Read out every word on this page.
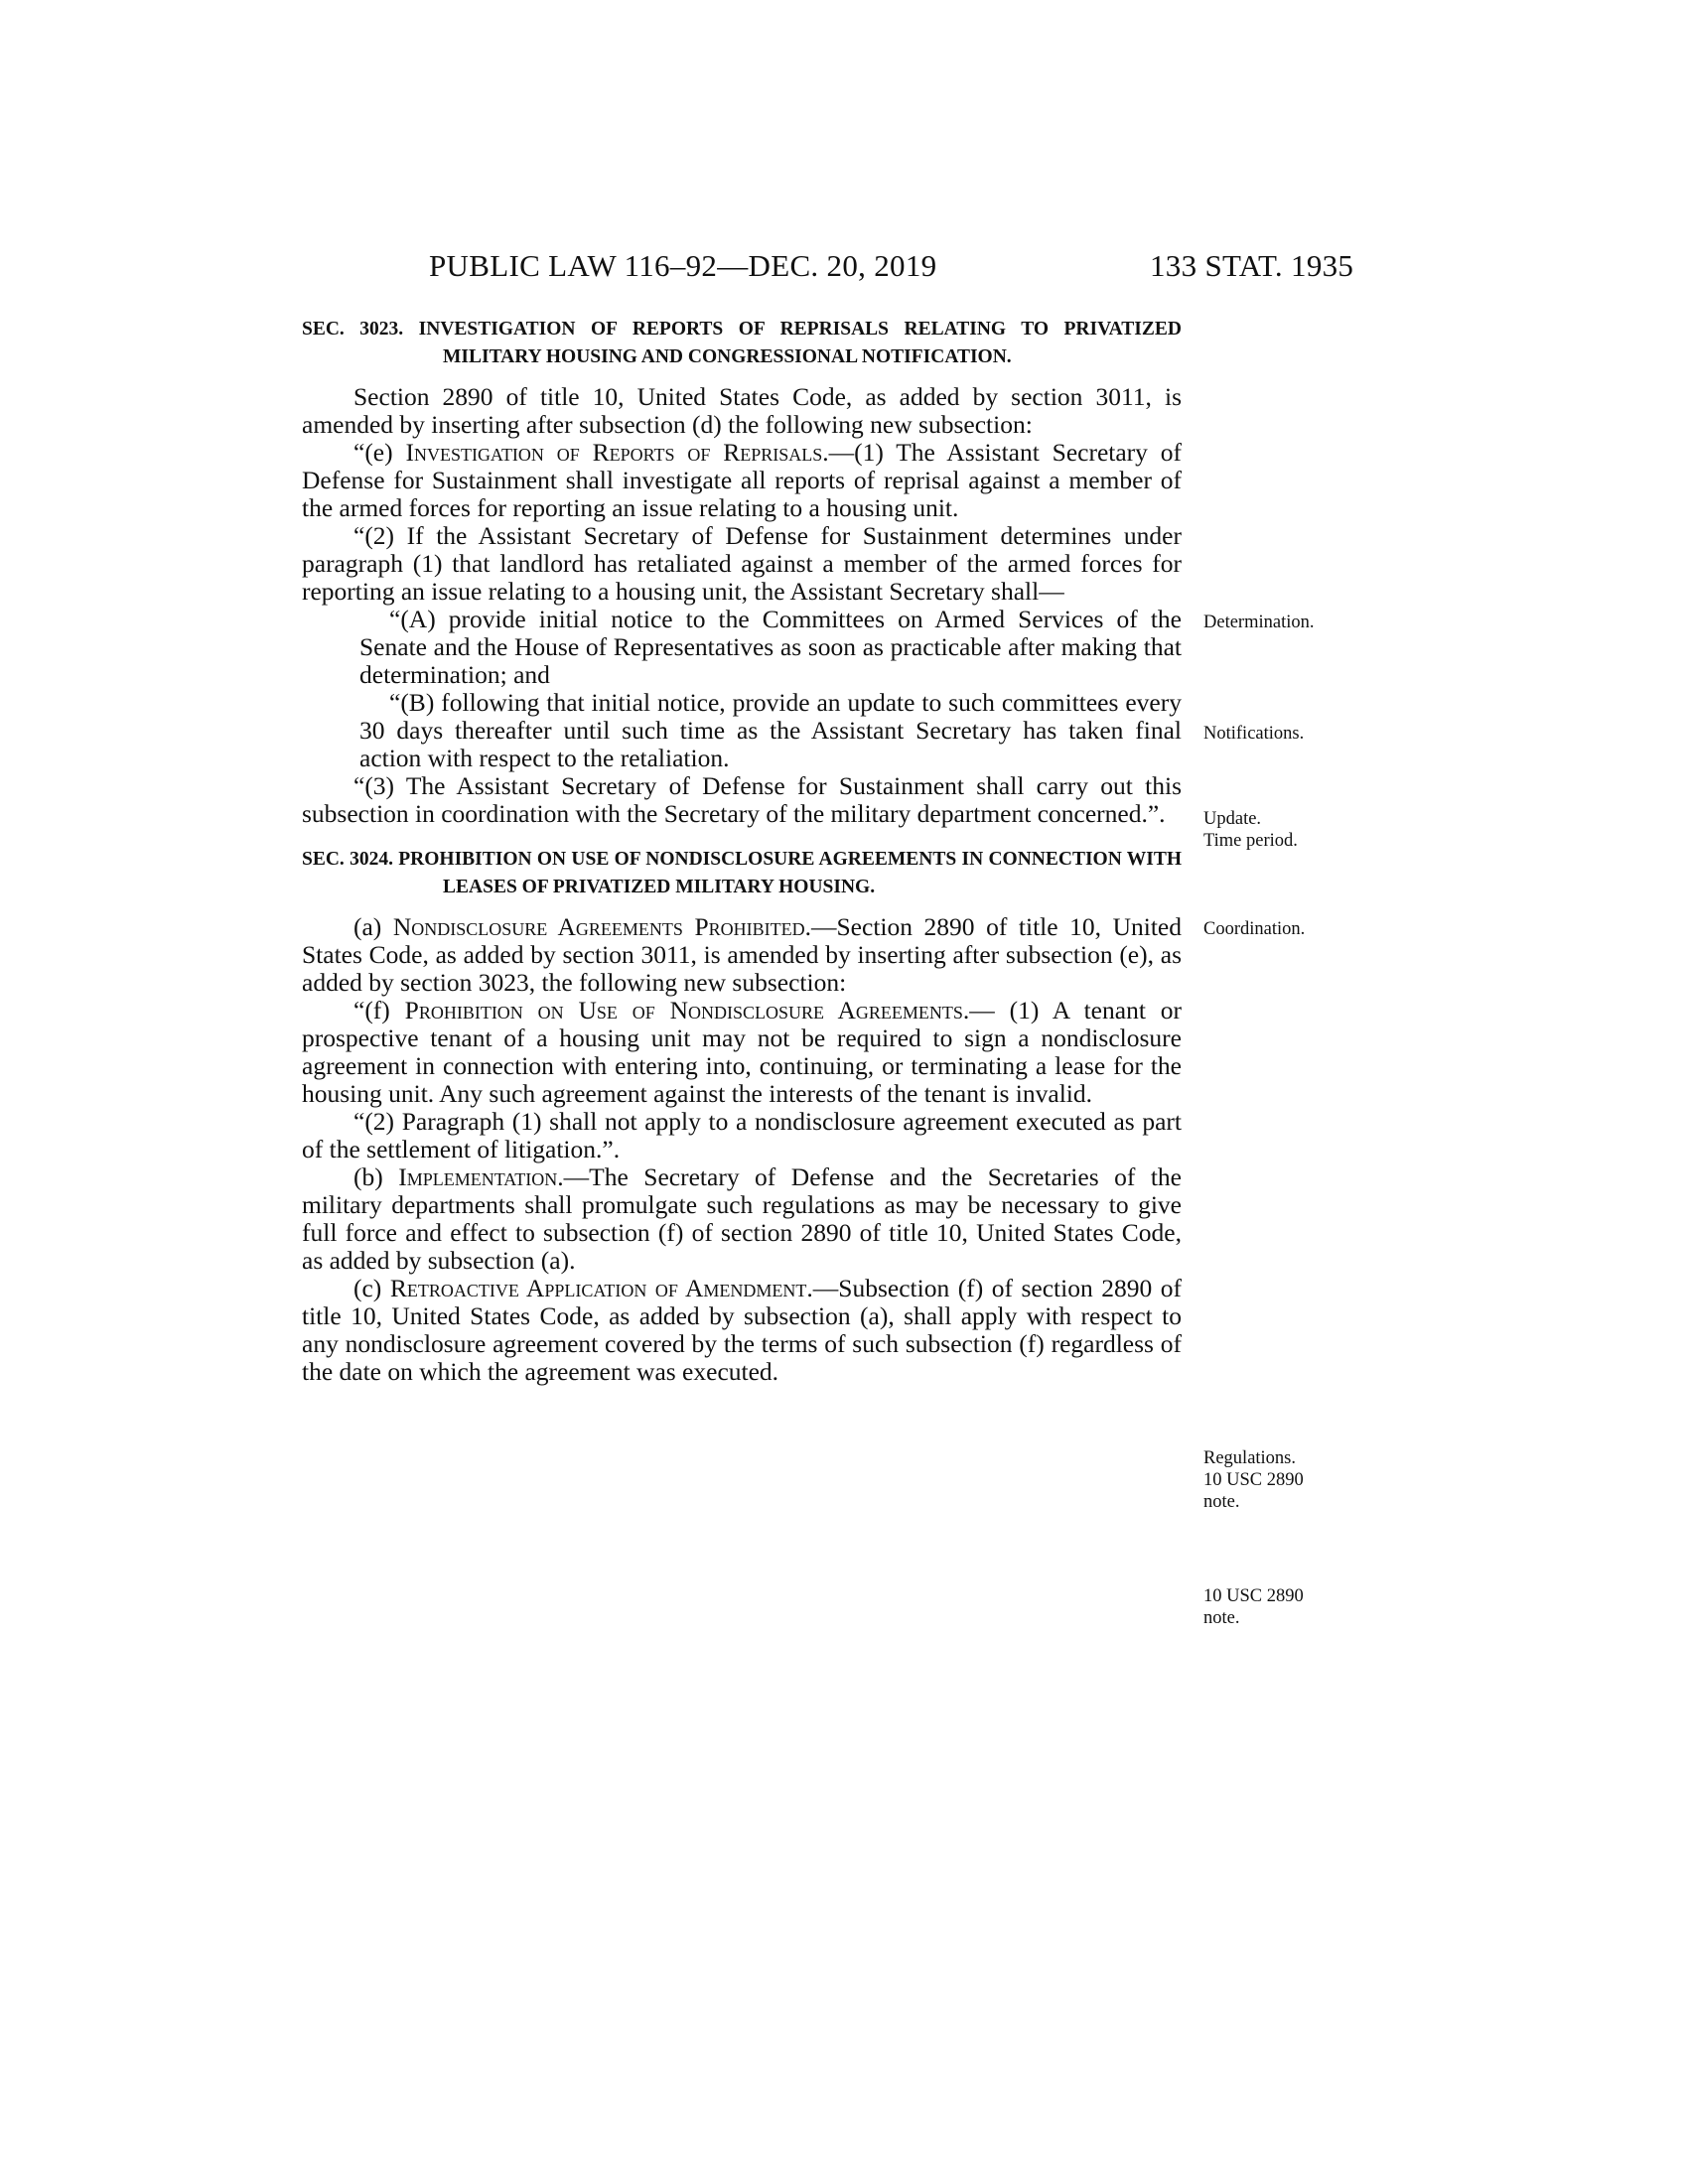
PUBLIC LAW 116–92—DEC. 20, 2019	133 STAT. 1935
SEC. 3023. INVESTIGATION OF REPORTS OF REPRISALS RELATING TO PRIVATIZED MILITARY HOUSING AND CONGRESSIONAL NOTIFICATION.

Section 2890 of title 10, United States Code, as added by section 3011, is amended by inserting after subsection (d) the following new subsection:

“(e) Investigation of Reports of Reprisals.—(1) The Assistant Secretary of Defense for Sustainment shall investigate all reports of reprisal against a member of the armed forces for reporting an issue relating to a housing unit.

“(2) If the Assistant Secretary of Defense for Sustainment determines under paragraph (1) that landlord has retaliated against a member of the armed forces for reporting an issue relating to a housing unit, the Assistant Secretary shall—

“(A) provide initial notice to the Committees on Armed Services of the Senate and the House of Representatives as soon as practicable after making that determination; and

“(B) following that initial notice, provide an update to such committees every 30 days thereafter until such time as the Assistant Secretary has taken final action with respect to the retaliation.

“(3) The Assistant Secretary of Defense for Sustainment shall carry out this subsection in coordination with the Secretary of the military department concerned.”.

SEC. 3024. PROHIBITION ON USE OF NONDISCLOSURE AGREEMENTS IN CONNECTION WITH LEASES OF PRIVATIZED MILITARY HOUSING.

(a) Nondisclosure Agreements Prohibited.—Section 2890 of title 10, United States Code, as added by section 3011, is amended by inserting after subsection (e), as added by section 3023, the following new subsection:

“(f) Prohibition on Use of Nondisclosure Agreements.— (1) A tenant or prospective tenant of a housing unit may not be required to sign a nondisclosure agreement in connection with entering into, continuing, or terminating a lease for the housing unit. Any such agreement against the interests of the tenant is invalid.

“(2) Paragraph (1) shall not apply to a nondisclosure agreement executed as part of the settlement of litigation.”.

(b) Implementation.—The Secretary of Defense and the Secretaries of the military departments shall promulgate such regulations as may be necessary to give full force and effect to subsection (f) of section 2890 of title 10, United States Code, as added by subsection (a).

(c) Retroactive Application of Amendment.—Subsection (f) of section 2890 of title 10, United States Code, as added by subsection (a), shall apply with respect to any nondisclosure agreement covered by the terms of such subsection (f) regardless of the date on which the agreement was executed.

Determination.
Notifications.
Update.
Time period.
Coordination.
Regulations.
10 USC 2890
note.
10 USC 2890
note.
